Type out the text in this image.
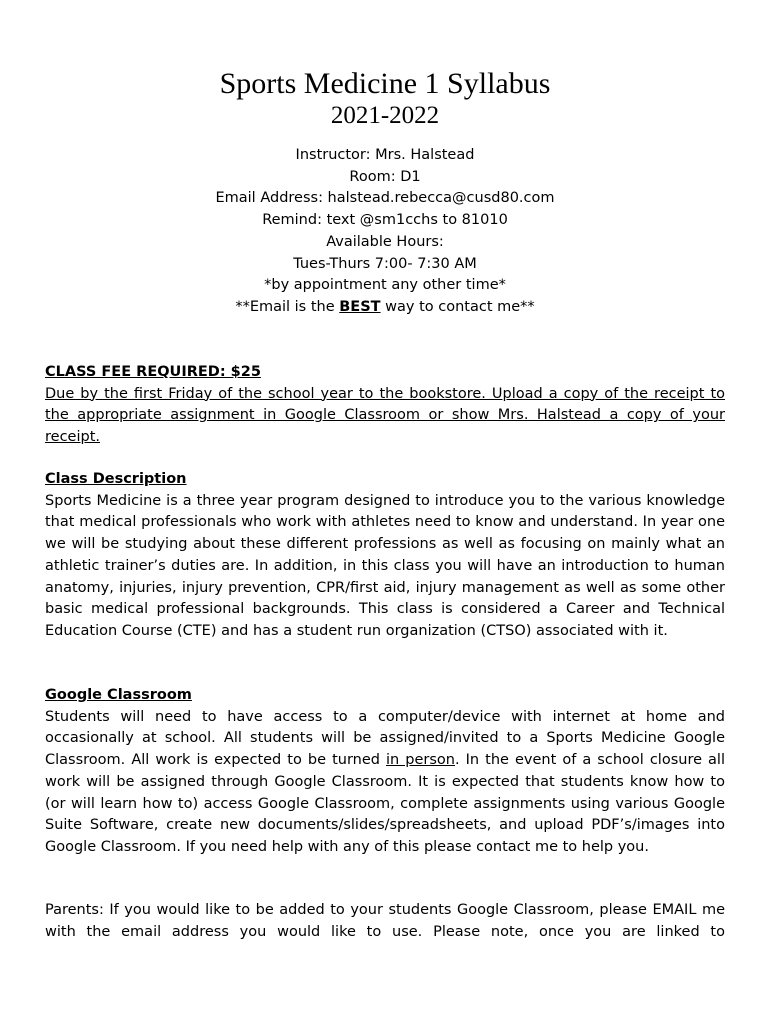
Sports Medicine 1 Syllabus
2021-2022
Instructor: Mrs. Halstead
Room: D1
Email Address: halstead.rebecca@cusd80.com
Remind: text @sm1cchs to 81010
Available Hours:
Tues-Thurs 7:00- 7:30 AM
*by appointment any other time*
**Email is the BEST way to contact me**

CLASS FEE REQUIRED: $25

Due by the first Friday of the school year to the bookstore. Upload a copy of the receipt to the appropriate assignment in Google Classroom or show Mrs. Halstead a copy of your receipt.

Class Description

Sports Medicine is a three year program designed to introduce you to the various knowledge that medical professionals who work with athletes need to know and understand. In year one we will be studying about these different professions as well as focusing on mainly what an athletic trainer’s duties are. In addition, in this class you will have an introduction to human anatomy, injuries, injury prevention, CPR/first aid, injury management as well as some other basic medical professional backgrounds. This class is considered a Career and Technical Education Course (CTE) and has a student run organization (CTSO) associated with it.

Google Classroom

Students will need to have access to a computer/device with internet at home and occasionally at school. All students will be assigned/invited to a Sports Medicine Google Classroom. All work is expected to be turned in person. In the event of a school closure all work will be assigned through Google Classroom. It is expected that students know how to (or will learn how to) access Google Classroom, complete assignments using various Google Suite Software, create new documents/slides/spreadsheets, and upload PDF’s/images into Google Classroom. If you need help with any of this please contact me to help you.

Parents: If you would like to be added to your students Google Classroom, please EMAIL me with the email address you would like to use. Please note, once you are linked to
